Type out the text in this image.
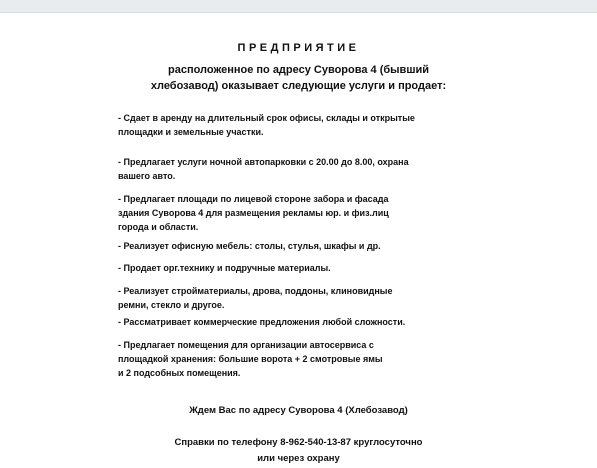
ПРЕДПРИЯТИЕ
расположенное по адресу Суворова 4 (бывший
хлебозавод) оказывает следующие услуги и продает:
- Сдает в аренду на длительный срок офисы, склады и открытые
площадки и земельные участки.
- Предлагает услуги ночной автопарковки с 20.00 до 8.00, охрана
вашего авто.
- Предлагает площади по лицевой стороне забора и фасада
здания Суворова 4 для размещения рекламы юр. и физ.лиц
города и области.
- Реализует офисную мебель: столы, стулья, шкафы и др.
- Продает орг.технику и подручные материалы.
- Реализует стройматериалы, дрова, поддоны, клиновидные
ремни, стекло и другое.
- Рассматривает коммерческие предложения любой сложности.
- Предлагает помещения для организации автосервиса с
площадкой хранения: большие ворота + 2 смотровые ямы
и 2 подсобных помещения.
Ждем Вас по адресу Суворова 4 (Хлебозавод)
Справки по телефону 8-962-540-13-87 круглосуточно
или через охрану
